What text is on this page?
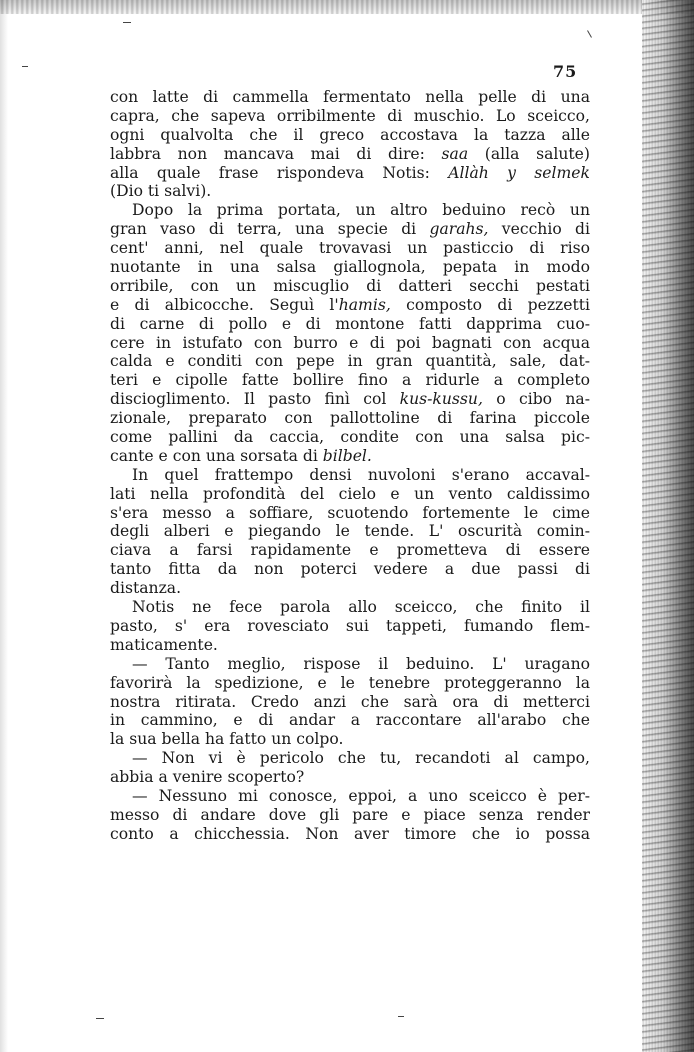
75
con latte di cammella fermentato nella pelle di una
capra, che sapeva orribilmente di muschio. Lo sceicco,
ogni qualvolta che il greco accostava la tazza alle
labbra non mancava mai di dire: saa (alla salute)
alla quale frase rispondeva Notis: Allàh y selmek
(Dio ti salvi).
Dopo la prima portata, un altro beduino recò un
gran vaso di terra, una specie di garahs, vecchio di
cent' anni, nel quale trovavasi un pasticcio di riso
nuotante in una salsa giallognola, pepata in modo
orribile, con un miscuglio di datteri secchi pestati
e di albicocche. Seguì l'hamis, composto di pezzetti
di carne di pollo e di montone fatti dapprima cuo-
cere in istufato con burro e di poi bagnati con acqua
calda e conditi con pepe in gran quantità, sale, dat-
teri e cipolle fatte bollire fino a ridurle a completo
discioglimento. Il pasto finì col kus-kussu, o cibo na-
zionale, preparato con pallottoline di farina piccole
come pallini da caccia, condite con una salsa pic-
cante e con una sorsata di bilbel.
In quel frattempo densi nuvoloni s'erano accaval-
lati nella profondità del cielo e un vento caldissimo
s'era messo a soffiare, scuotendo fortemente le cime
degli alberi e piegando le tende. L' oscurità comin-
ciava a farsi rapidamente e prometteva di essere
tanto fitta da non poterci vedere a due passi di
distanza.
Notis ne fece parola allo sceicco, che finito il
pasto, s' era rovesciato sui tappeti, fumando flem-
maticamente.
— Tanto meglio, rispose il beduino. L' uragano
favorirà la spedizione, e le tenebre proteggeranno la
nostra ritirata. Credo anzi che sarà ora di metterci
in cammino, e di andar a raccontare all'arabo che
la sua bella ha fatto un colpo.
— Non vi è pericolo che tu, recandoti al campo,
abbia a venire scoperto?
— Nessuno mi conosce, eppoi, a uno sceicco è per-
messo di andare dove gli pare e piace senza render
conto a chicchessia. Non aver timore che io possa
